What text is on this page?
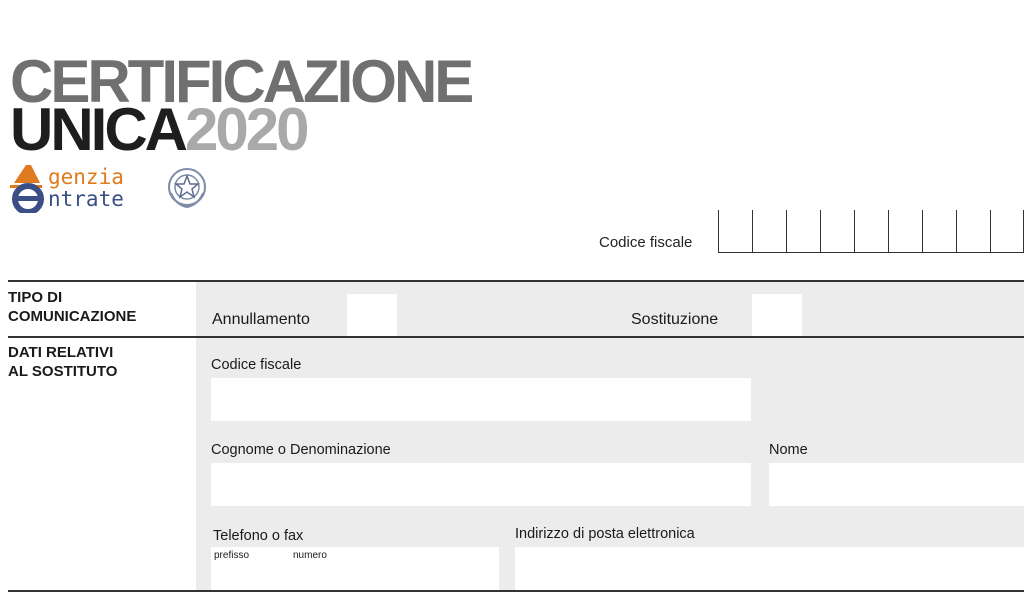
CERTIFICAZIONE
UNICA2020
genzia
ntrate
Codice fiscale
TIPO DI
COMUNICAZIONE
DATI RELATIVI
AL SOSTITUTO
Annullamento	Sostituzione
Codice fiscale
Cognome o Denominazione	Nome
Telefono o fax
prefisso	numero
Indirizzo di posta elettronica
